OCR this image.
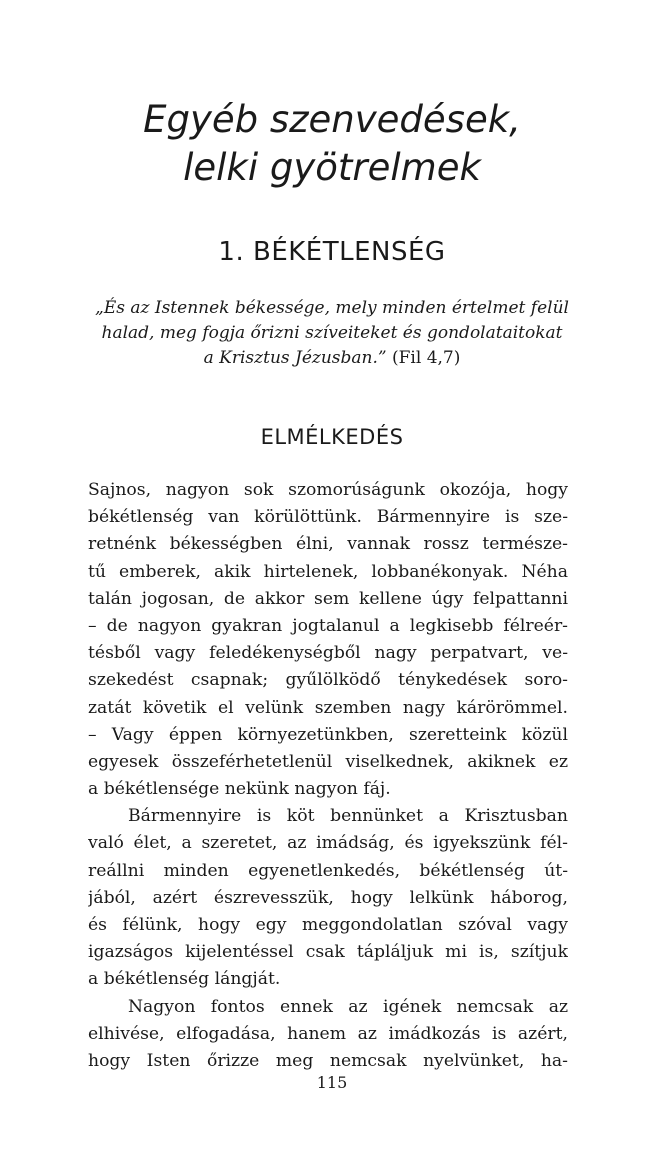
Egyéb szenvedések,
lelki gyötrelmek
1. BÉKÉTLENSÉG
„És az Istennek békessége, mely minden értelmet felül
halad, meg fogja őrizni szíveiteket és gondolataitokat
a Krisztus Jézusban.” (Fil 4,7)
ELMÉLKEDÉS
Sajnos, nagyon sok szomorúságunk okozója, hogy
békétlenség van körülöttünk. Bármennyire is sze-
retnénk békességben élni, vannak rossz természe-
tű emberek, akik hirtelenek, lobbanékonyak. Néha
talán jogosan, de akkor sem kellene úgy felpattanni
– de nagyon gyakran jogtalanul a legkisebb félreér-
tésből vagy feledékenységből nagy perpatvart, ve-
szekedést csapnak; gyűlölködő ténykedések soro-
zatát követik el velünk szemben nagy kárörömmel.
– Vagy éppen környezetünkben, szeretteink közül
egyesek összeférhetetlenül viselkednek, akiknek ez
a békétlensége nekünk nagyon fáj.
Bármennyire is köt bennünket a Krisztusban
való élet, a szeretet, az imádság, és igyekszünk fél-
reállni minden egyenetlenkedés, békétlenség út-
jából, azért észrevesszük, hogy lelkünk háborog,
és félünk, hogy egy meggondolatlan szóval vagy
igazságos kijelentéssel csak tápláljuk mi is, szítjuk
a békétlenség lángját.
Nagyon fontos ennek az igének nemcsak az
elhivése, elfogadása, hanem az imádkozás is azért,
hogy Isten őrizze meg nemcsak nyelvünket, ha-
115
